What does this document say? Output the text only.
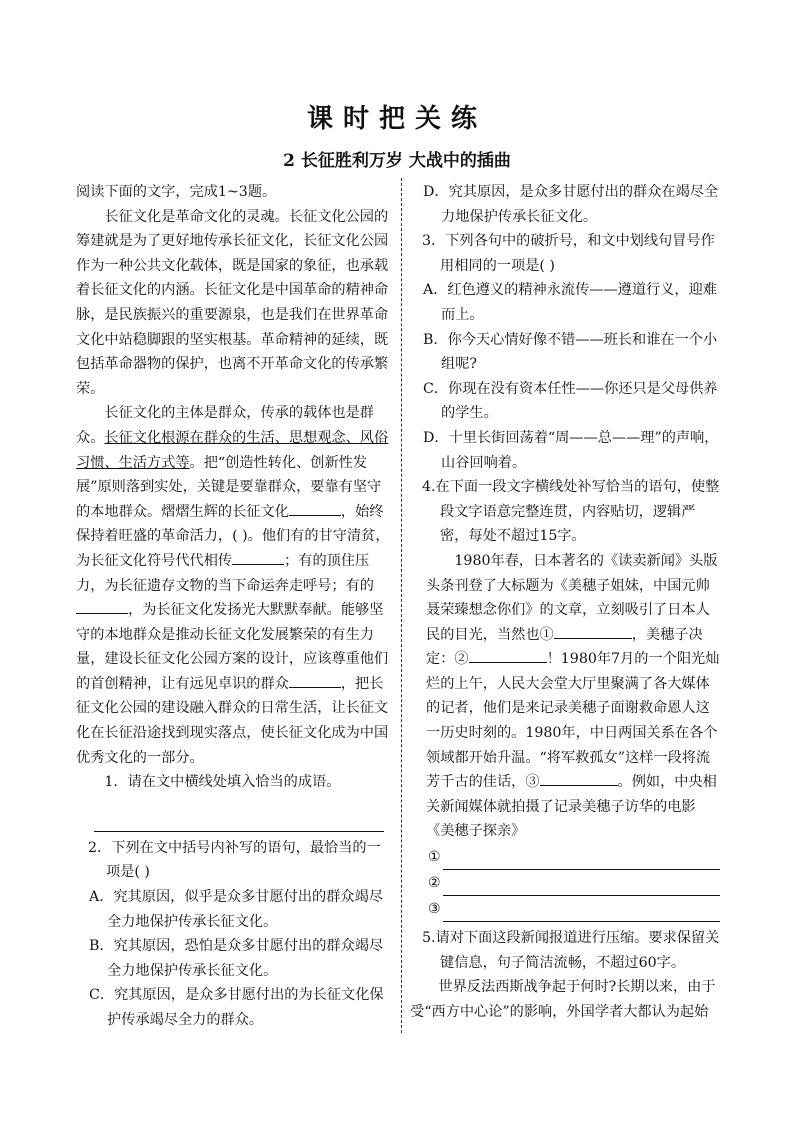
课时把关练
2 长征胜利万岁 大战中的插曲

阅读下面的文字，完成1~3题。

长征文化是革命文化的灵魂。长征文化公园的筹建就是为了更好地传承长征文化，长征文化公园作为一种公共文化载体，既是国家的象征，也承载着长征文化的内涵。长征文化是中国革命的精神命脉，是民族振兴的重要源泉，也是我们在世界革命文化中站稳脚跟的坚实根基。革命精神的延续，既包括革命器物的保护，也离不开革命文化的传承繁荣。

长征文化的主体是群众，传承的载体也是群众。长征文化根源在群众的生活、思想观念、风俗习惯、生活方式等。把“创造性转化、创新性发展”原则落到实处，关键是要靠群众，要靠有坚守的本地群众。熠熠生辉的长征文化	，始终保持着旺盛的革命活力，( )。他们有的甘守清贫，为长征文化符号代代相传	；有的顶住压力，为长征遗存文物的当下命运奔走呼号；有的，为长征文化发扬光大默默奉献。能够坚守的本地群众是推动长征文化发展繁荣的有生力量，建设长征文化公园方案的设计，应该尊重他们的首创精神，让有远见卓识的群众	，把长征文化公园的建设融入群众的日常生活，让长征文化在长征沿途找到现实落点，使长征文化成为中国优秀文化的一部分。

1．请在文中横线处填入恰当的成语。

2．下列在文中括号内补写的语句，最恰当的一项是( )

A．究其原因，似乎是众多甘愿付出的群众竭尽全力地保护传承长征文化。

B．究其原因，恐怕是众多甘愿付出的群众竭尽全力地保护传承长征文化。

C．究其原因，是众多甘愿付出的为长征文化保护传承竭尽全力的群众。

D．究其原因，是众多甘愿付出的群众在竭尽全力地保护传承长征文化。

3．下列各句中的破折号，和文中划线句冒号作用相同的一项是( )

A．红色遵义的精神永流传——遵道行义，迎难而上。

B．你今天心情好像不错——班长和谁在一个小组呢?

C．你现在没有资本任性——你还只是父母供养的学生。

D．十里长街回荡着“周——总——理”的声响，山谷回响着。

4.在下面一段文字横线处补写恰当的语句，使整段文字语意完整连贯，内容贴切，逻辑严密，每处不超过15字。

1980年春，日本著名的《读卖新闻》头版头条刊登了大标题为《美穗子姐妹，中国元帅聂荣臻想念你们》的文章，立刻吸引了日本人民的目光，当然也①	，美穗子决定：②	！1980年7月的一个阳光灿烂的上午，人民大会堂大厅里聚满了各大媒体的记者，他们是来记录美穗子面谢救命恩人这一历史时刻的。1980年，中日两国关系在各个领域都开始升温。“将军救孤女”这样一段将流芳千古的佳话，③	。例如，中央相关新闻媒体就拍摄了记录美穗子访华的电影《美穗子探亲》

①
②
③

5.请对下面这段新闻报道进行压缩。要求保留关键信息，句子简洁流畅，不超过60字。

世界反法西斯战争起于何时?长期以来，由于受“西方中心论”的影响，外国学者大都认为起始
